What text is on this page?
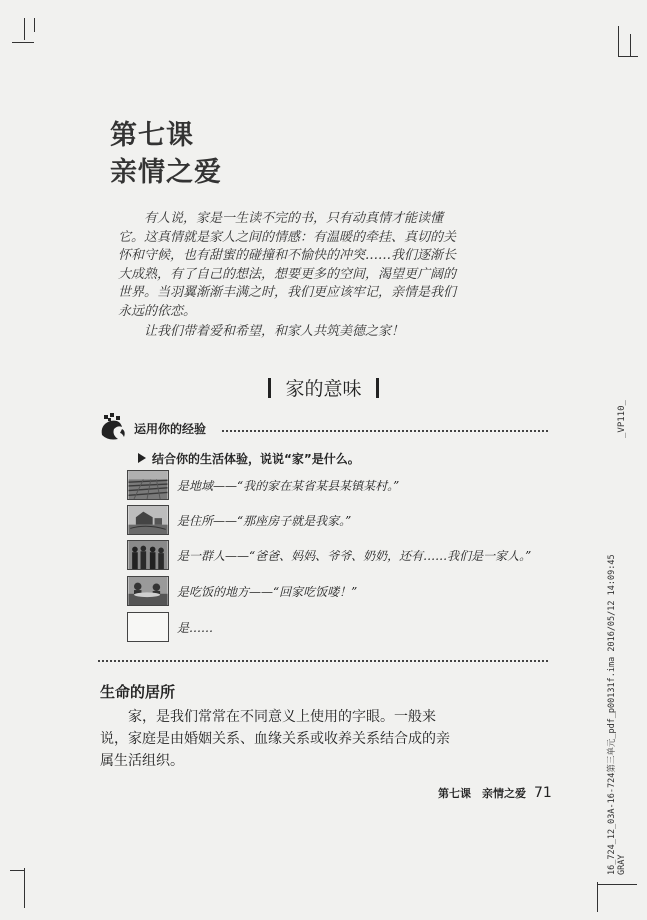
第七课
亲情之爱

有人说，家是一生读不完的书，只有动真情才能读懂它。这真情就是家人之间的情感：有温暖的牵挂、真切的关怀和守候，也有甜蜜的碰撞和不愉快的冲突……我们逐渐长大成熟，有了自己的想法，想要更多的空间，渴望更广阔的世界。当羽翼渐渐丰满之时，我们更应该牢记，亲情是我们永远的依恋。

让我们带着爱和希望，和家人共筑美德之家！

家的意味
运用你的经验
结合你的生活体验，说说“家”是什么。
是地域——“我的家在某省某县某镇某村。”
是住所——“那座房子就是我家。”
是一群人——“爸爸、妈妈、爷爷、奶奶，还有……我们是一家人。”
是吃饭的地方——“回家吃饭喽！”
是……
生命的居所

家，是我们常常在不同意义上使用的字眼。一般来说，家庭是由婚姻关系、血缘关系或收养关系结合成的亲属生活组织。

第七课　亲情之爱 71
_VP110_
16_724_12_03A-16-724第三单元_pdf_p00131f.ima 2016/05/12 14:09:45 GRAY
